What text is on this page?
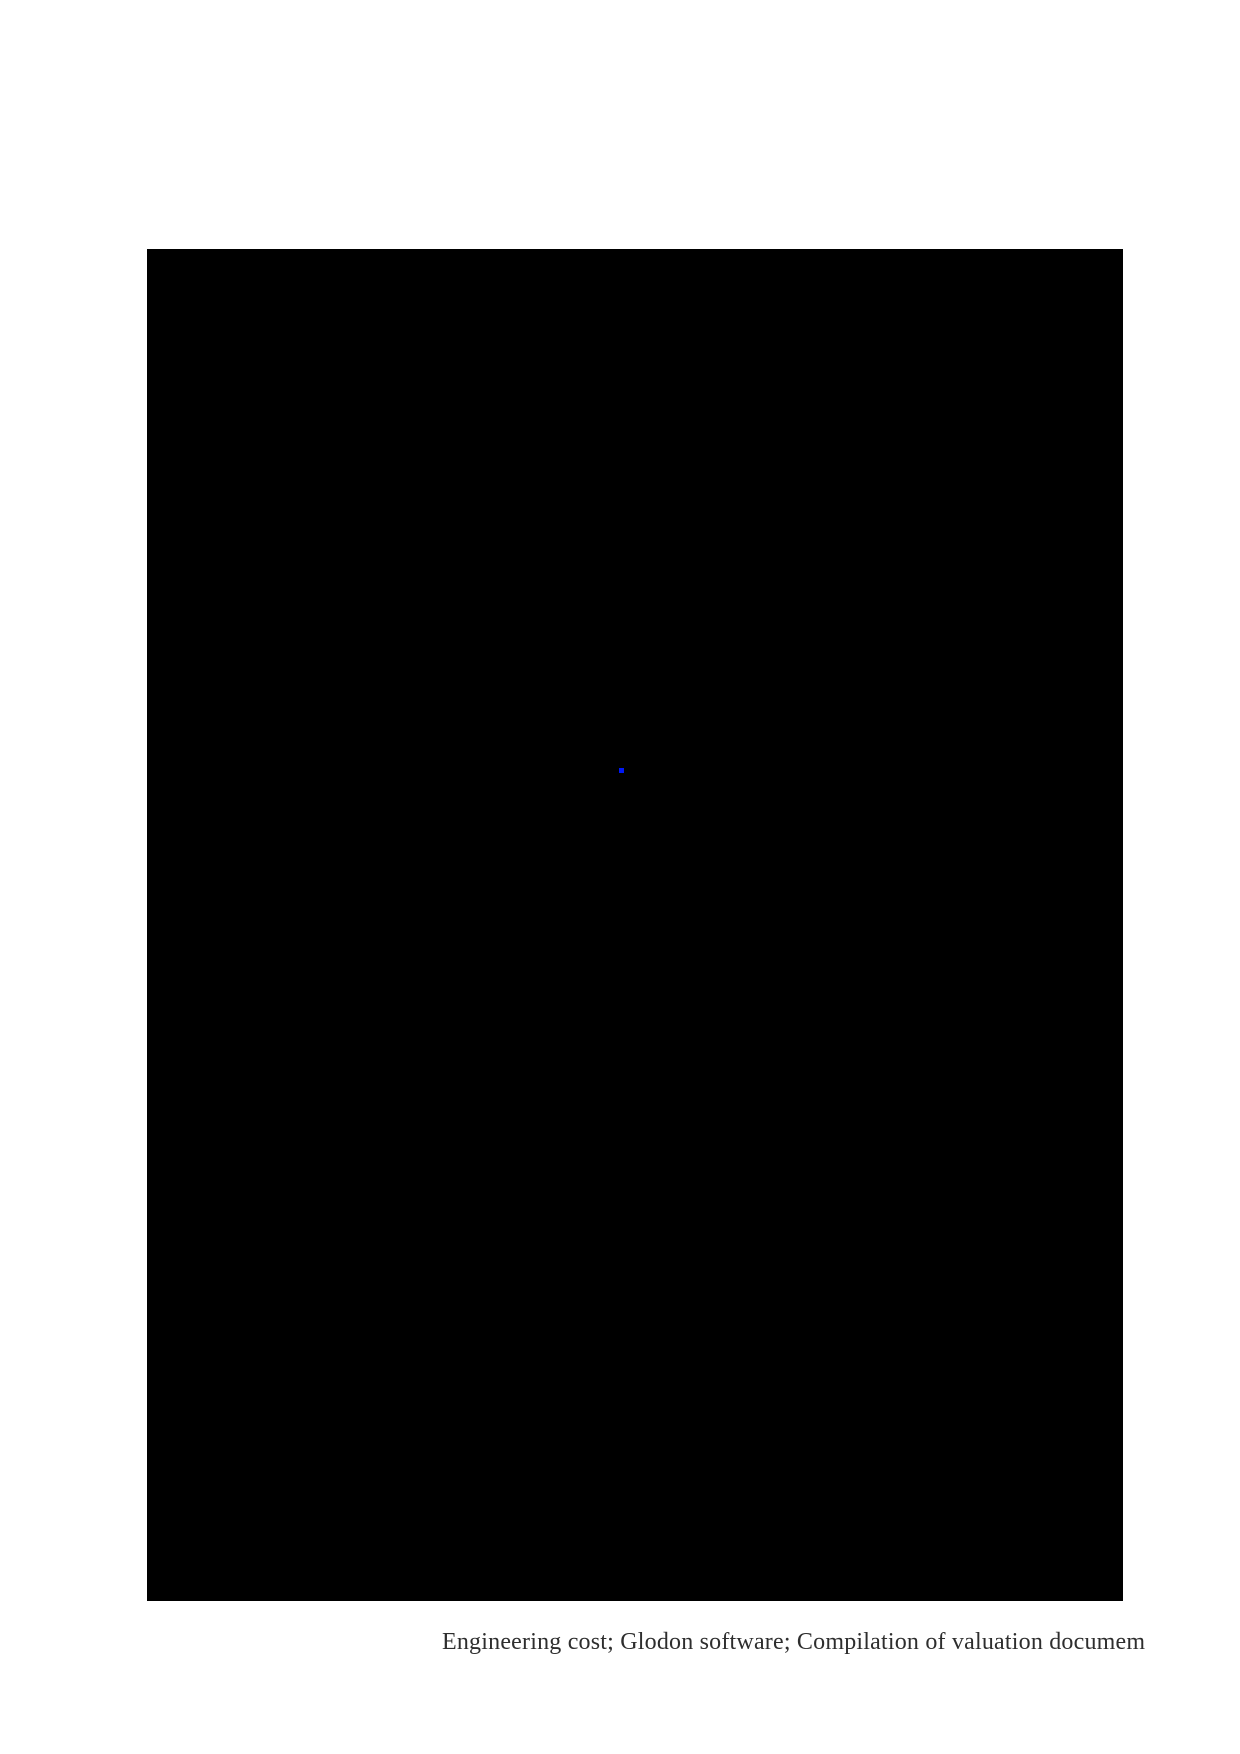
Engineering cost; Glodon software; Compilation of valuation documem
